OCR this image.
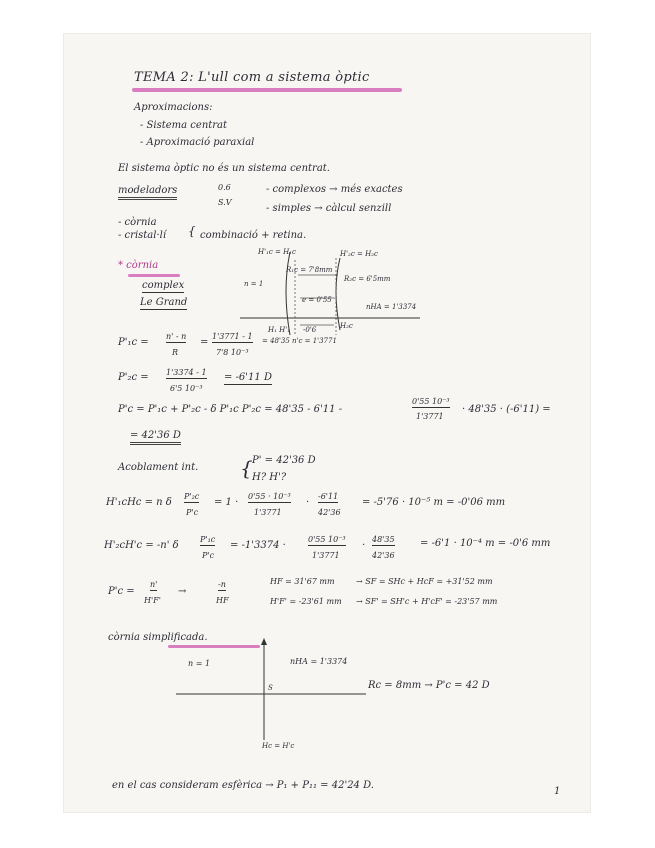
TEMA 2: L'ull com a sistema òptic
Aproximacions:
- Sistema centrat
- Aproximació paraxial
El sistema òptic no és un sistema centrat.
modeladors	0.6
S.V
- complexos → més exactes
- simples → càlcul senzill
- còrnia
- cristal·lí { combinació + retina.
* còrnia
complex
Le Grand
H'₁c = H₁c	H'₂c = H₂c
R₁c = 7'8mm
R₂c = 6'5mm
n = 1
e = 0'55
nHA = 1'3374
H₂c
H₁ H'₁ -0'6
= 48'35 n'c = 1'3771
P'₁c =
n' - n
R
=
1'3771 - 1
7'8 10⁻³
P'₂c = 1'3374 - 1
6'5 10⁻³
= -6'11 D
P'c = P'₁c + P'₂c - δ P'₁c P'₂c = 48'35 - 6'11 -
0'55 10⁻³
1'3771
· 48'35 · (-6'11) =
= 42'36 D
Acoblament int. { P' = 42'36 D
H? H'?
H'₁cHc = n δ
P'₂c
P'c
= 1 ·
0'55 · 10⁻³
1'3771
·
-6'11
42'36
= -5'76 · 10⁻⁵ m = -0'06 mm
H'₂cH'c = -n' δ
P'₁c
P'c
= -1'3374 ·
0'55 10⁻³
1'3771
·
48'35
42'36
= -6'1 · 10⁻⁴ m = -0'6 mm
P'c =
n'
H'F'
→
-n
HF
HF = 31'67 mm	→ SF = SHc + HcF = +31'52 mm
H'F' = -23'61 mm → SF' = SH'c + H'cF' = -23'57 mm
còrnia simplificada.
n = 1	nHA = 1'3374
S	Rc = 8mm → P'c = 42 D
Hc = H'c
en el cas consideram esfèrica → P₁ + P₁₁ = 42'24 D.
1
